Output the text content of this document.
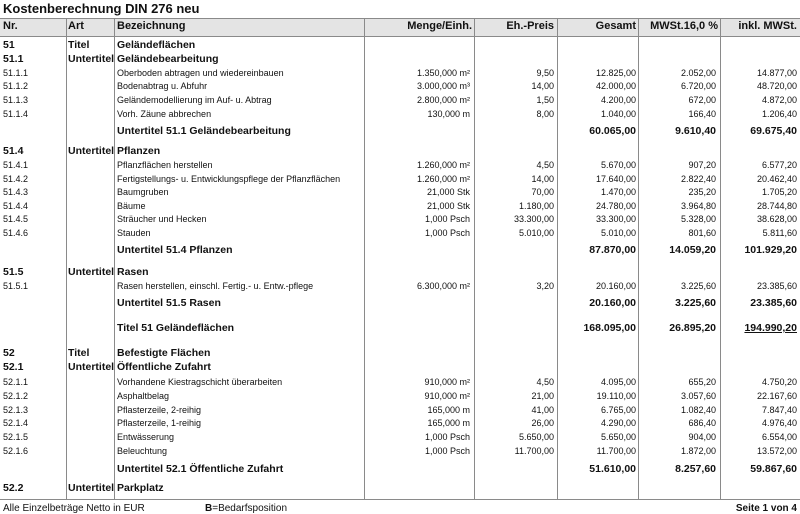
Kostenberechnung DIN 276 neu
Nr.	Art	Bezeichnung	Menge/Einh.	Eh.-Preis	Gesamt	MWSt.16,0 %	inkl. MWSt.
51	Titel	Geländeflächen
51.1	Untertitel Geländebearbeitung
51.1.1	Oberboden abtragen und wiedereinbauen	1.350,000 m²	9,50	12.825,00	2.052,00	14.877,00
51.1.2	Bodenabtrag u. Abfuhr	3.000,000 m³	14,00	42.000,00	6.720,00	48.720,00
51.1.3	Geländemodellierung im Auf- u. Abtrag	2.800,000 m²	1,50	4.200,00	672,00	4.872,00
51.1.4	Vorh. Zäune abbrechen	130,000 m	8,00	1.040,00	166,40	1.206,40
Untertitel 51.1 Geländebearbeitung	60.065,00	9.610,40	69.675,40
51.4	Untertitel Pflanzen
51.4.1	Pflanzflächen herstellen	1.260,000 m²	4,50	5.670,00	907,20	6.577,20
51.4.2	Fertigstellungs- u. Entwicklungspflege der Pflanzflächen	1.260,000 m²	14,00	17.640,00	2.822,40	20.462,40
51.4.3	Baumgruben	21,000 Stk	70,00	1.470,00	235,20	1.705,20
51.4.4	Bäume	21,000 Stk	1.180,00	24.780,00	3.964,80	28.744,80
51.4.5	Sträucher und Hecken	1,000 Psch	33.300,00	33.300,00	5.328,00	38.628,00
51.4.6	Stauden	1,000 Psch	5.010,00	5.010,00	801,60	5.811,60
Untertitel 51.4 Pflanzen	87.870,00	14.059,20	101.929,20
51.5	Untertitel Rasen
51.5.1	Rasen herstellen, einschl. Fertig.- u. Entw.-pflege	6.300,000 m²	3,20	20.160,00	3.225,60	23.385,60
Untertitel 51.5 Rasen	20.160,00	3.225,60	23.385,60
Titel 51 Geländeflächen	168.095,00	26.895,20	194.990,20
52	Titel	Befestigte Flächen
52.1	Untertitel Öffentliche Zufahrt
52.1.1	Vorhandene Kiestragschicht überarbeiten	910,000 m²	4,50	4.095,00	655,20	4.750,20
52.1.2	Asphaltbelag	910,000 m²	21,00	19.110,00	3.057,60	22.167,60
52.1.3	Pflasterzeile, 2-reihig	165,000 m	41,00	6.765,00	1.082,40	7.847,40
52.1.4	Pflasterzeile, 1-reihig	165,000 m	26,00	4.290,00	686,40	4.976,40
52.1.5	Entwässerung	1,000 Psch	5.650,00	5.650,00	904,00	6.554,00
52.1.6	Beleuchtung	1,000 Psch	11.700,00	11.700,00	1.872,00	13.572,00
Untertitel 52.1 Öffentliche Zufahrt	51.610,00	8.257,60	59.867,60
52.2	Untertitel Parkplatz
Alle Einzelbeträge Netto in EUR	B=Bedarfsposition	Seite 1 von 4
